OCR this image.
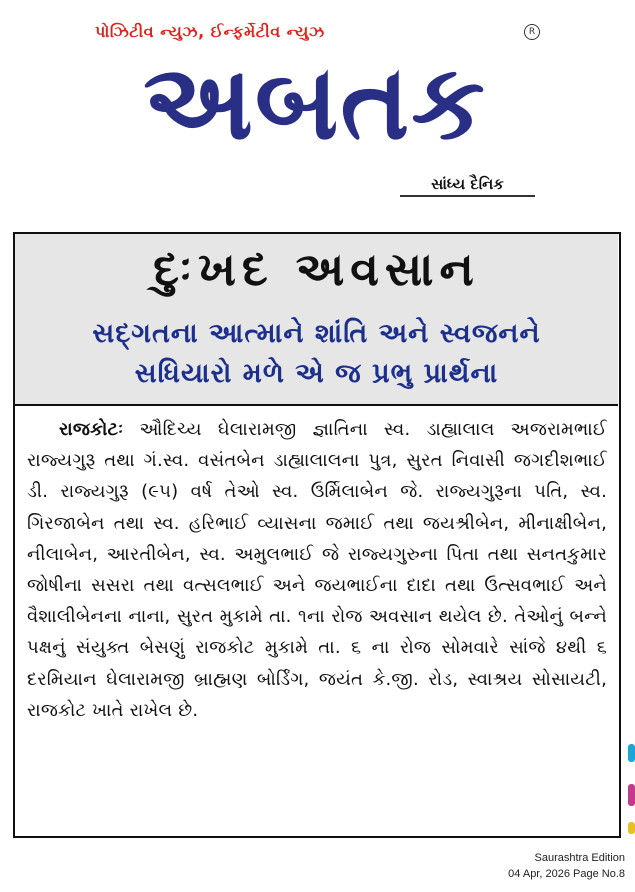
પોઝિટીવ ન્યુઝ, ઈન્ફર્મેટીવ ન્યુઝ	R
અબતક
સાંધ્ય દૈનિક
દુઃખદ અવસાન
સદ્ગતના આત્માને શાંતિ અને સ્વજનને
સધિયારો મળે એ જ પ્રભુ પ્રાર્થના
રાજકોટઃ ઔદિચ્ય ઘેલારામજી જ્ઞાતિના સ્વ. ડાહ્યાલાલ અજરામભાઈ રાજ્યગુરૂ તથા ગં.સ્વ. વસંતબેન ડાહ્યાલાલના પુત્ર, સુરત નિવાસી જગદીશભાઈ ડી. રાજ્યગુરૂ (૯૫) વર્ષ તેઓ સ્વ. ઉર્મિલાબેન જે. રાજ્યગુરૂના પતિ, સ્વ. ગિરજાબેન તથા સ્વ. હરિભાઈ વ્યાસના જમાઈ તથા જયશ્રીબેન, મીનાક્ષીબેન, નીલાબેન, આરતીબેન, સ્વ. અમુલભાઈ જે રાજ્યગુરુના પિતા તથા સનતકુમાર જોષીના સસરા તથા વત્સલભાઈ અને જયભાઈના દાદા તથા ઉત્સવભાઈ અને વૈશાલીબેનના નાના, સુરત મુકામે તા. ૧ના રોજ અવસાન થયેલ છે. તેઓનું બન્ને પક્ષનું સંયુક્ત બેસણું રાજકોટ મુકામે તા. ૬ ના રોજ સોમવારે સાંજે ૪થી ૬ દરમિયાન ઘેલારામજી બ્રાહ્મણ બોર્ડિંગ, જયંત કે.જી. રોડ, સ્વાશ્રય સોસાયટી, રાજકોટ ખાતે રાખેલ છે.
Saurashtra Edition
04 Apr, 2026 Page No.8
